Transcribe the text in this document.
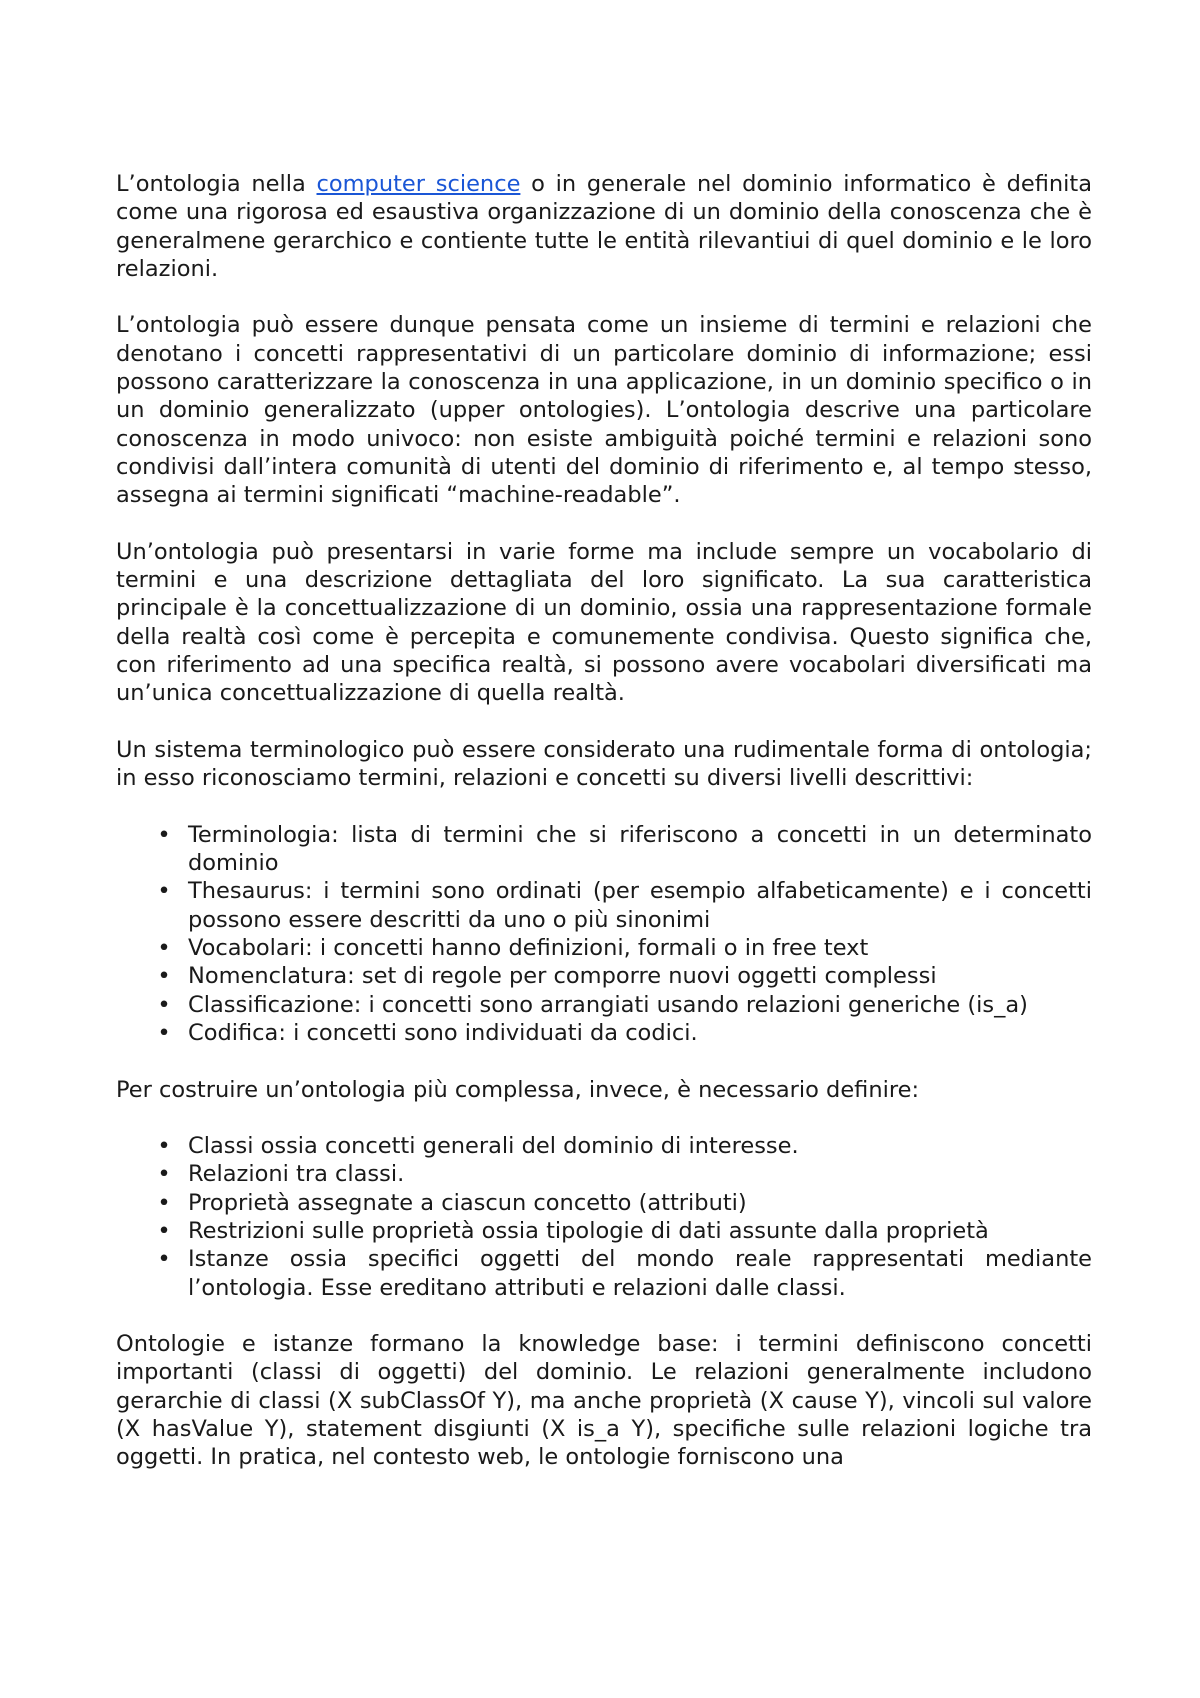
L’ontologia nella computer science o in generale nel dominio informatico è definita come una rigorosa ed esaustiva organizzazione di un dominio della conoscenza che è generalmene gerarchico e contiente tutte le entità rilevantiui di quel dominio e le loro relazioni.

L’ontologia può essere dunque pensata come un insieme di termini e relazioni che denotano i concetti rappresentativi di un particolare dominio di informazione; essi possono caratterizzare la conoscenza in una applicazione, in un dominio specifico o in un dominio generalizzato (upper ontologies). L’ontologia descrive una particolare conoscenza in modo univoco: non esiste ambiguità poiché termini e relazioni sono condivisi dall’intera comunità di utenti del dominio di riferimento e, al tempo stesso, assegna ai termini significati “machine-readable”.

Un’ontologia può presentarsi in varie forme ma include sempre un vocabolario di termini e una descrizione dettagliata del loro significato. La sua caratteristica principale è la concettualizzazione di un dominio, ossia una rappresentazione formale della realtà così come è percepita e comunemente condivisa. Questo significa che, con riferimento ad una specifica realtà, si possono avere vocabolari diversificati ma un’unica concettualizzazione di quella realtà.

Un sistema terminologico può essere considerato una rudimentale forma di ontologia; in esso riconosciamo termini, relazioni e concetti su diversi livelli descrittivi:

• Terminologia: lista di termini che si riferiscono a concetti in un determinato dominio
• Thesaurus: i termini sono ordinati (per esempio alfabeticamente) e i concetti possono essere descritti da uno o più sinonimi
• Vocabolari: i concetti hanno definizioni, formali o in free text
• Nomenclatura: set di regole per comporre nuovi oggetti complessi
• Classificazione: i concetti sono arrangiati usando relazioni generiche (is_a)
• Codifica: i concetti sono individuati da codici.

Per costruire un’ontologia più complessa, invece, è necessario definire:

• Classi ossia concetti generali del dominio di interesse.
• Relazioni tra classi.
• Proprietà assegnate a ciascun concetto (attributi)
• Restrizioni sulle proprietà ossia tipologie di dati assunte dalla proprietà
• Istanze ossia specifici oggetti del mondo reale rappresentati mediante l’ontologia. Esse ereditano attributi e relazioni dalle classi.

Ontologie e istanze formano la knowledge base: i termini definiscono concetti importanti (classi di oggetti) del dominio. Le relazioni generalmente includono gerarchie di classi (X subClassOf Y), ma anche proprietà (X cause Y), vincoli sul valore (X hasValue Y), statement disgiunti (X is_a Y), specifiche sulle relazioni logiche tra oggetti. In pratica, nel contesto web, le ontologie forniscono una
